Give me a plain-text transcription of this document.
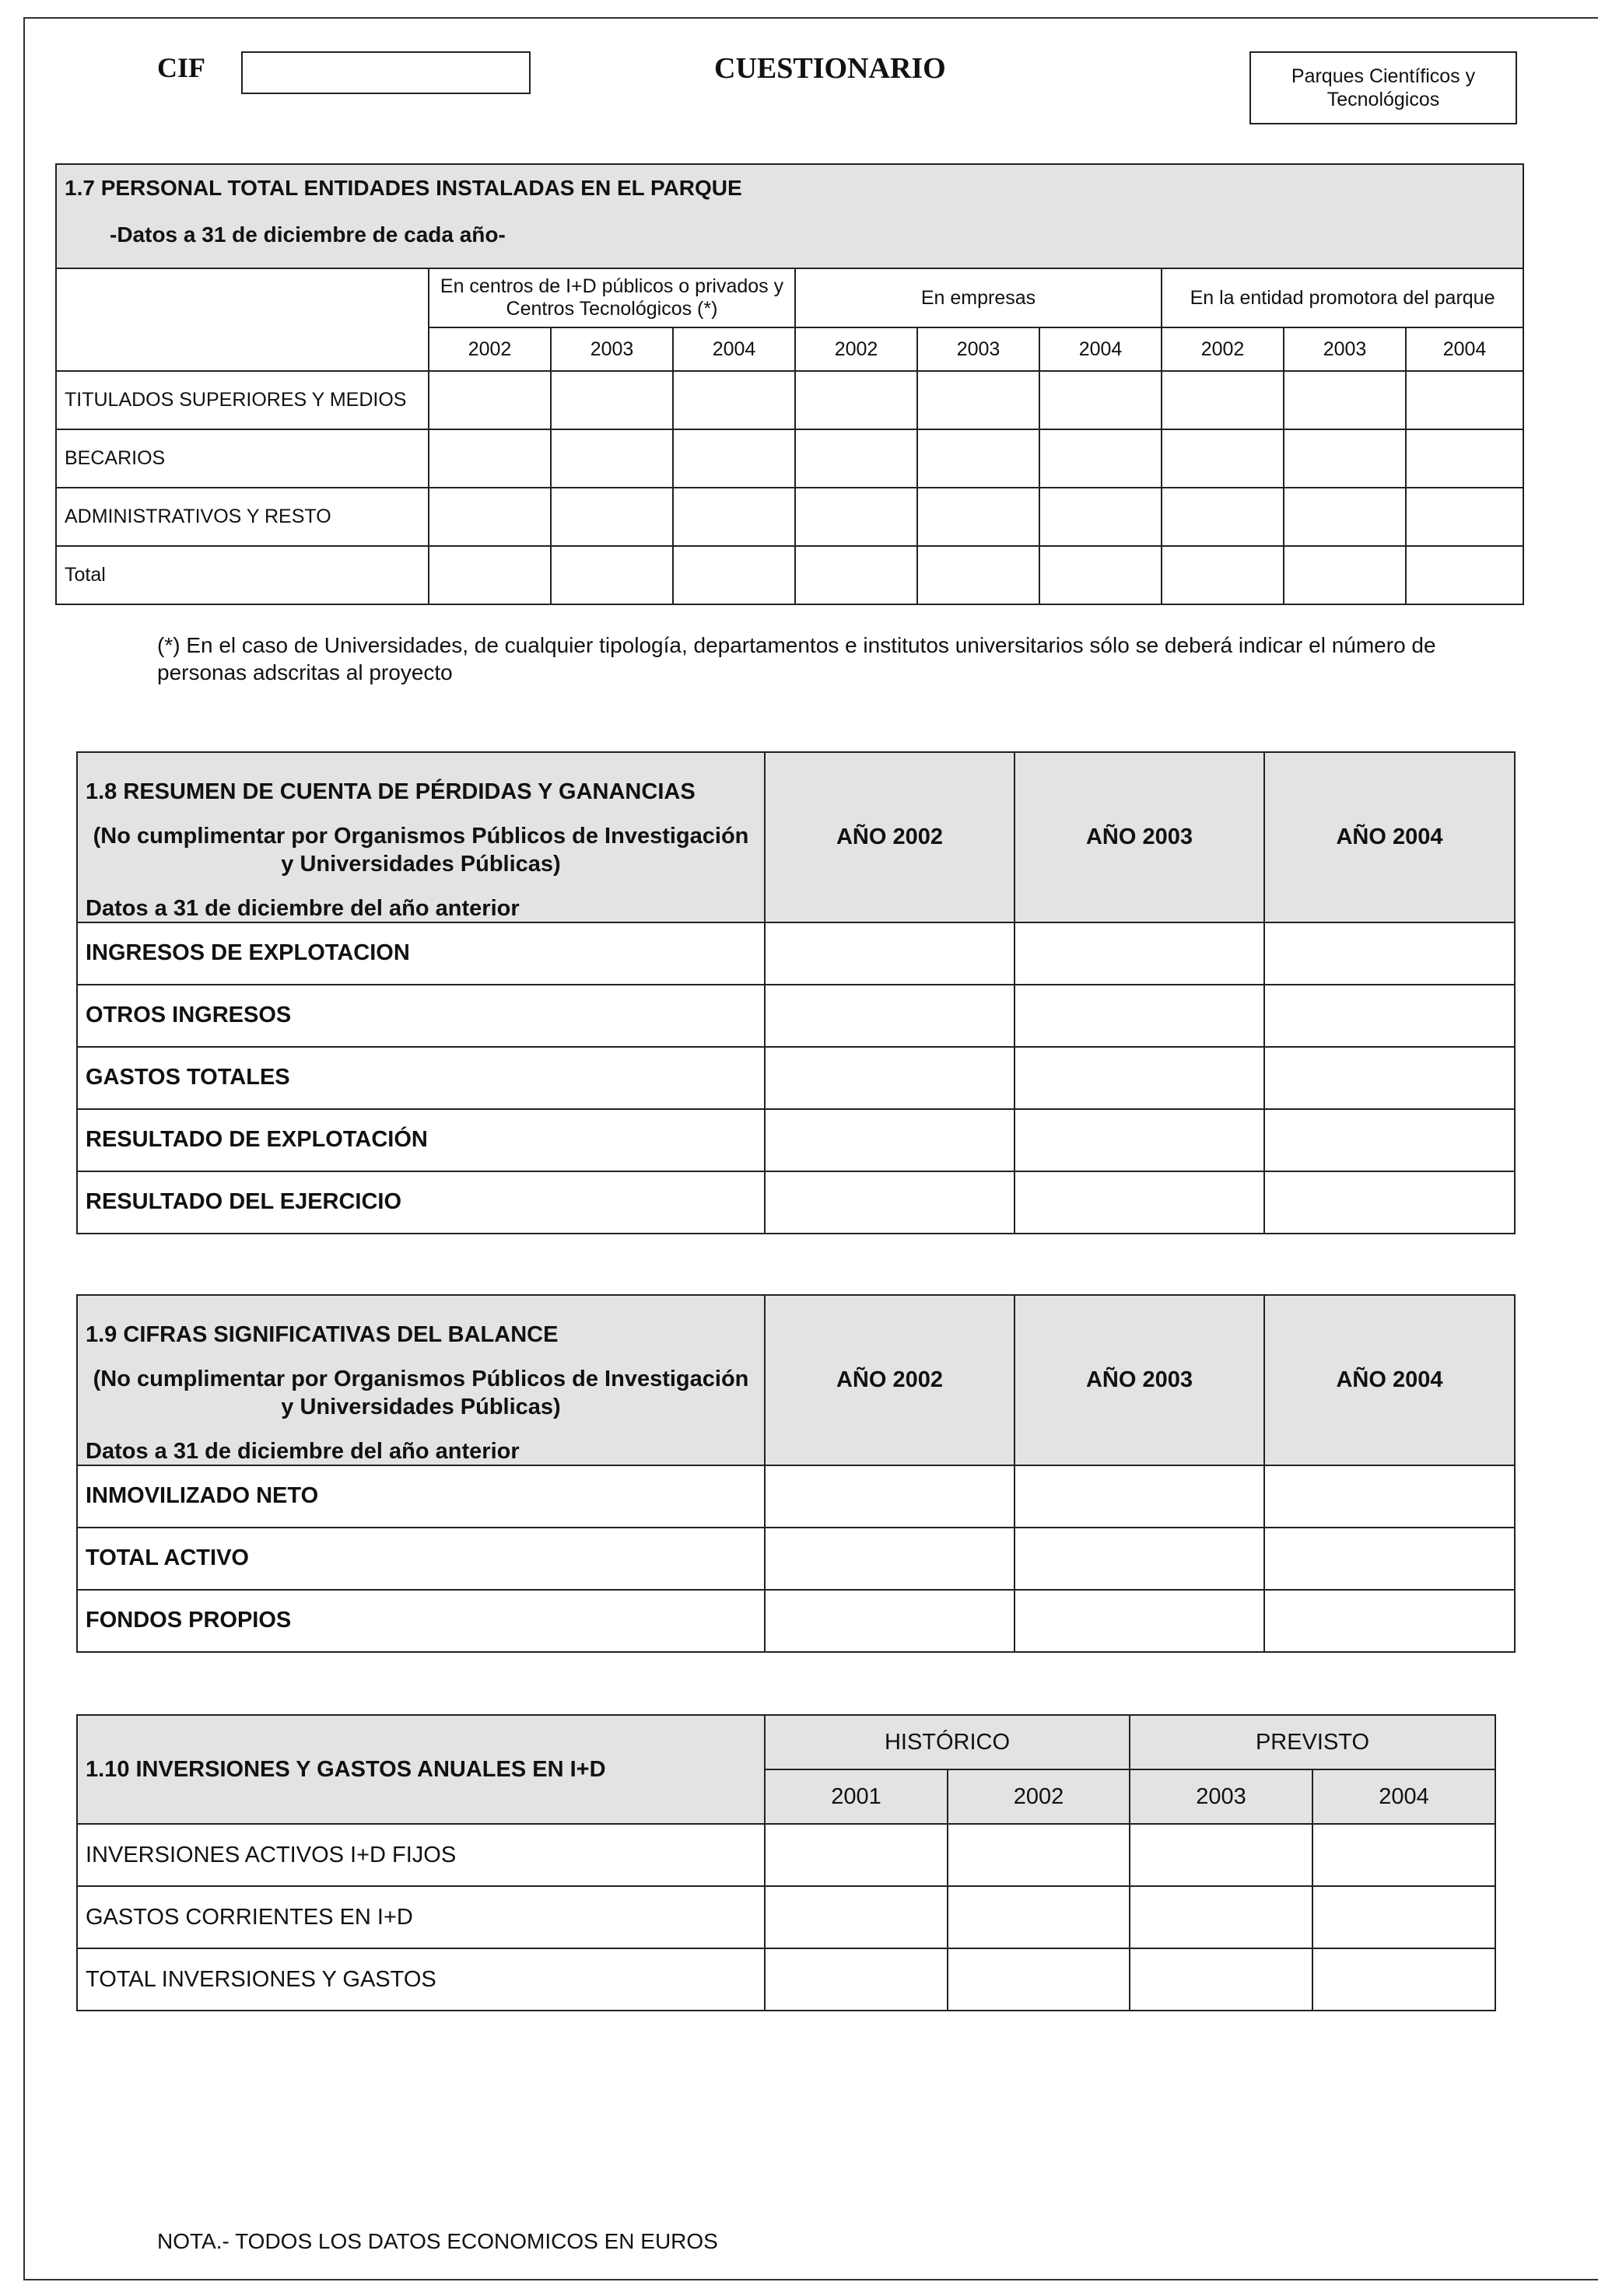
CIF	CUESTIONARIO	Parques Científicos y Tecnológicos
1.7 PERSONAL TOTAL ENTIDADES INSTALADAS EN EL PARQUE
-Datos a 31 de diciembre de cada año-									

	En centros de I+D públicos o privados y Centros Tecnológicos (*)			En empresas			En la entidad promotora del parque		
	2002	2003	2004	2002	2003	2004	2002	2003	2004
TITULADOS SUPERIORES Y MEDIOS									
BECARIOS									
ADMINISTRATIVOS Y RESTO									
Total									
(*) En el caso de Universidades, de cualquier tipología, departamentos e institutos universitarios sólo se deberá indicar el número de personas adscritas al proyecto
1.8 RESUMEN DE CUENTA DE PÉRDIDAS Y GANANCIAS
(No cumplimentar por Organismos Públicos de Investigación y Universidades Públicas)
Datos a 31 de diciembre del año anterior	AÑO 2002	AÑO 2003	AÑO 2004
INGRESOS DE EXPLOTACION			
OTROS INGRESOS			
GASTOS TOTALES			
RESULTADO DE EXPLOTACIÓN			
RESULTADO DEL EJERCICIO			
1.9 CIFRAS SIGNIFICATIVAS DEL BALANCE
(No cumplimentar por Organismos Públicos de Investigación y Universidades Públicas)
Datos a 31 de diciembre del año anterior	AÑO 2002	AÑO 2003	AÑO 2004
INMOVILIZADO NETO			
TOTAL ACTIVO			
FONDOS PROPIOS			
1.10 INVERSIONES Y GASTOS ANUALES EN I+D	HISTÓRICO		PREVISTO	
	2001	2002	2003	2004
INVERSIONES ACTIVOS I+D FIJOS				
GASTOS CORRIENTES EN I+D				
TOTAL INVERSIONES Y GASTOS				
NOTA.- TODOS LOS DATOS ECONOMICOS EN EUROS
